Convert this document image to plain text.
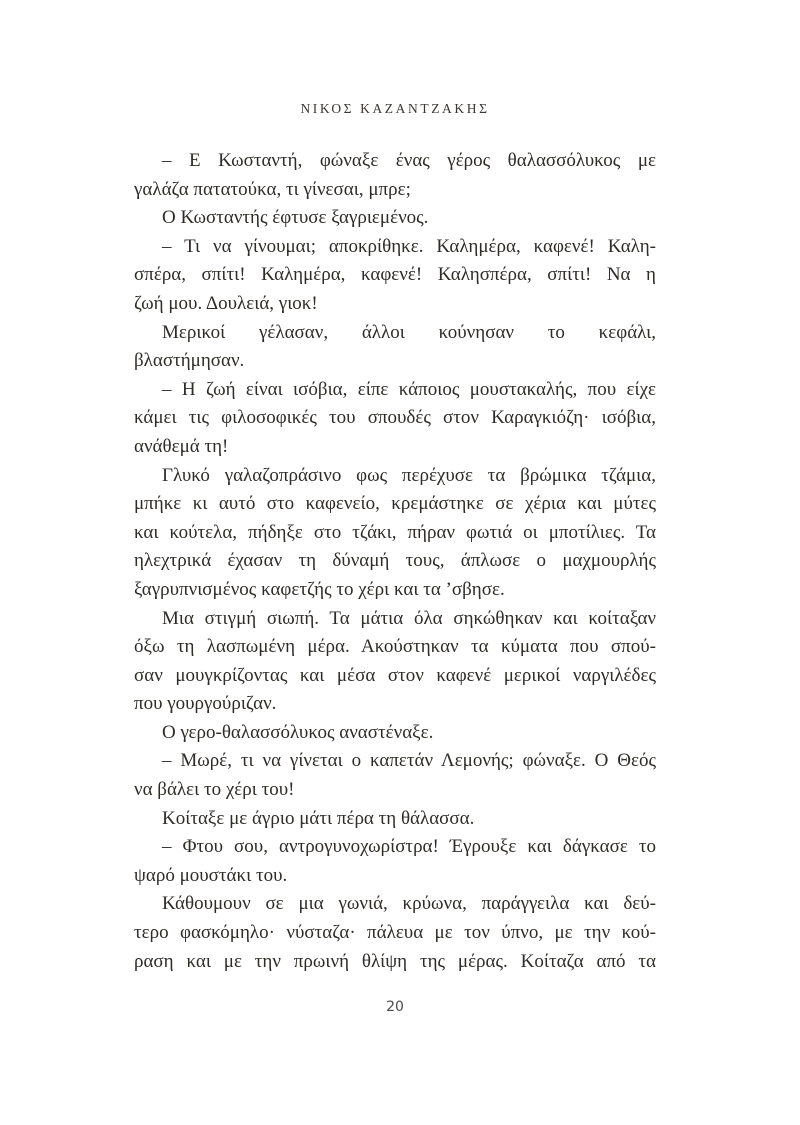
ΝΙΚΟΣ ΚΑΖΑΝΤΖΑΚΗΣ
– Ε Κωσταντή, φώναξε ένας γέρος θαλασσόλυκος με
γαλάζα πατατούκα, τι γίνεσαι, μπρε;
Ο Κωσταντής έφτυσε ξαγριεμένος.
– Τι να γίνουμαι; αποκρίθηκε. Καλημέρα, καφενέ! Καλη-
σπέρα, σπίτι! Καλημέρα, καφενέ! Καλησπέρα, σπίτι! Να η
ζωή μου. Δουλειά, γιοκ!
Μερικοί γέλασαν, άλλοι κούνησαν το κεφάλι,
βλαστήμησαν.
– Η ζωή είναι ισόβια, είπε κάποιος μουστακαλής, που είχε
κάμει τις φιλοσοφικές του σπουδές στον Καραγκιόζη· ισόβια,
ανάθεμά τη!
Γλυκό γαλαζοπράσινο φως περέχυσε τα βρώμικα τζάμια,
μπήκε κι αυτό στο καφενείο, κρεμάστηκε σε χέρια και μύτες
και κούτελα, πήδηξε στο τζάκι, πήραν φωτιά οι μποτίλιες. Τα
ηλεχτρικά έχασαν τη δύναμή τους, άπλωσε ο μαχμουρλής
ξαγρυπνισμένος καφετζής το χέρι και τα ’σβησε.
Μια στιγμή σιωπή. Τα μάτια όλα σηκώθηκαν και κοίταξαν
όξω τη λασπωμένη μέρα. Ακούστηκαν τα κύματα που σπού-
σαν μουγκρίζοντας και μέσα στον καφενέ μερικοί ναργιλέδες
που γουργούριζαν.
Ο γερο-θαλασσόλυκος αναστέναξε.
– Μωρέ, τι να γίνεται ο καπετάν Λεμονής; φώναξε. Ο Θεός
να βάλει το χέρι του!
Κοίταξε με άγριο μάτι πέρα τη θάλασσα.
– Φτου σου, αντρογυνοχωρίστρα! Έγρουξε και δάγκασε το
ψαρό μουστάκι του.
Κάθουμουν σε μια γωνιά, κρύωνα, παράγγειλα και δεύ-
τερο φασκόμηλο· νύσταζα· πάλευα με τον ύπνο, με την κού-
ραση και με την πρωινή θλίψη της μέρας. Κοίταζα από τα
20
